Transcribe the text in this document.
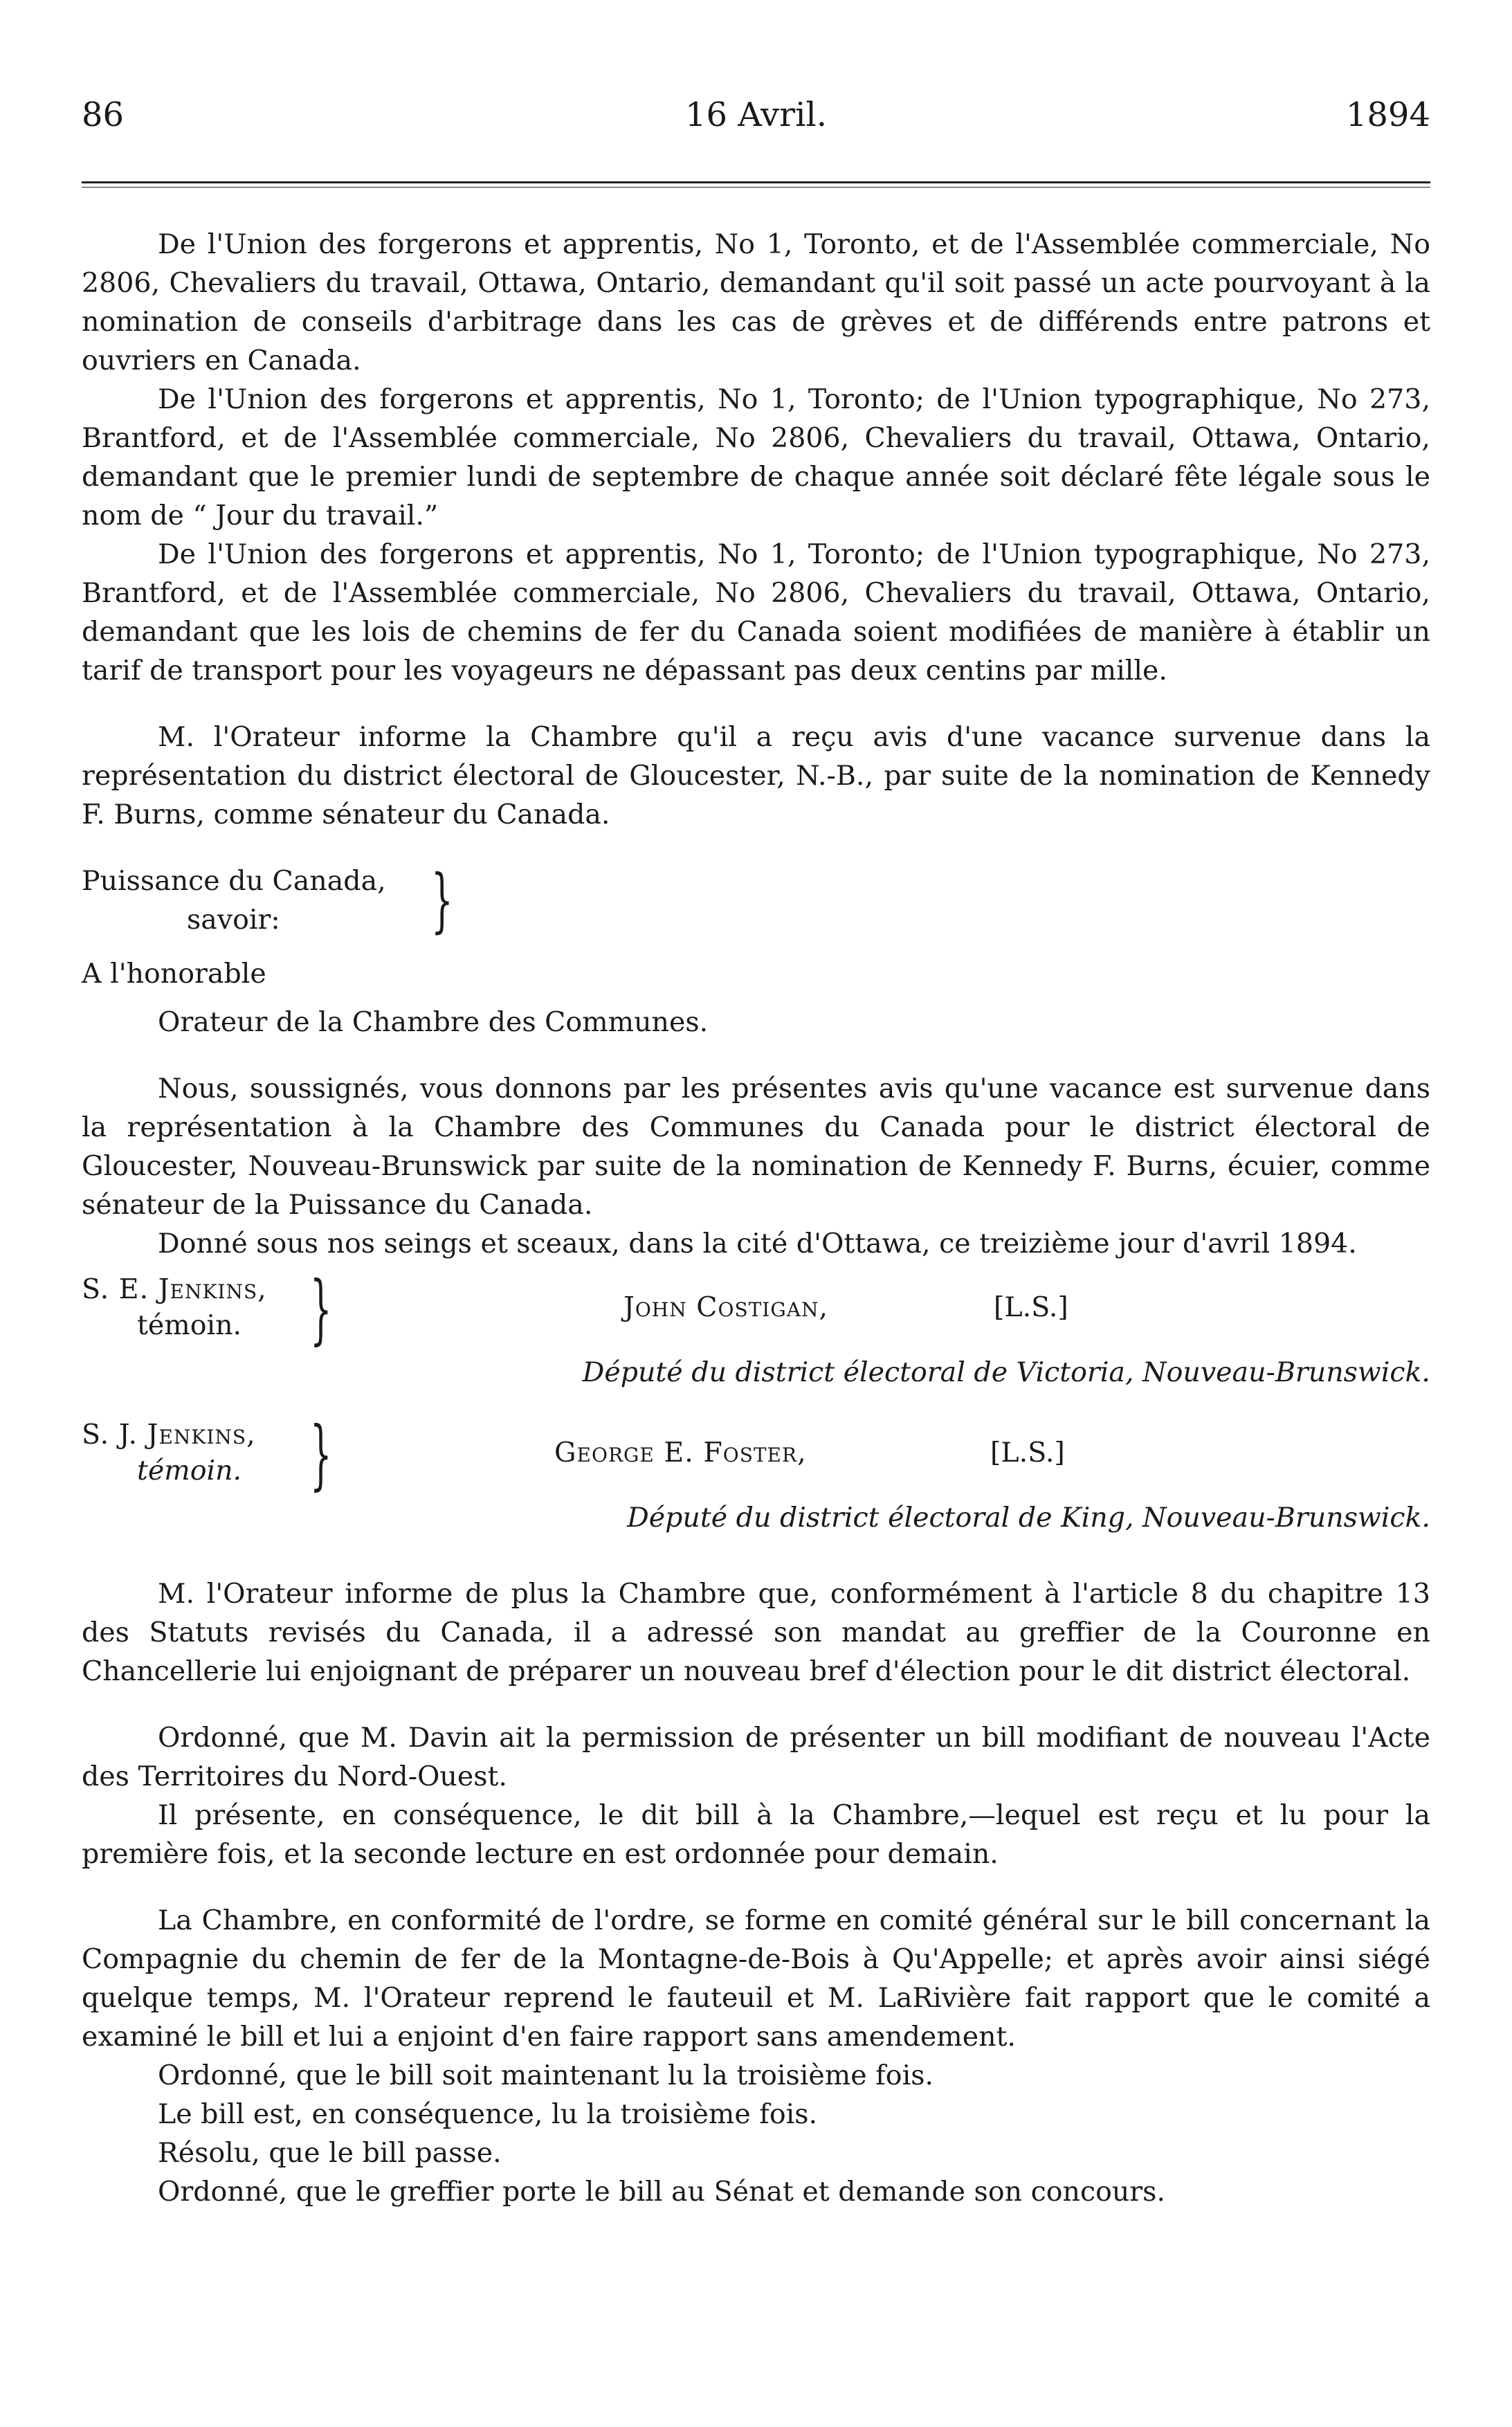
86	16 Avril.	1894

De l'Union des forgerons et apprentis, No 1, Toronto, et de l'Assemblée commerciale, No 2806, Chevaliers du travail, Ottawa, Ontario, demandant qu'il soit passé un acte pourvoyant à la nomination de conseils d'arbitrage dans les cas de grèves et de différends entre patrons et ouvriers en Canada.

De l'Union des forgerons et apprentis, No 1, Toronto; de l'Union typographique, No 273, Brantford, et de l'Assemblée commerciale, No 2806, Chevaliers du travail, Ottawa, Ontario, demandant que le premier lundi de septembre de chaque année soit déclaré fête légale sous le nom de “ Jour du travail.”

De l'Union des forgerons et apprentis, No 1, Toronto; de l'Union typographique, No 273, Brantford, et de l'Assemblée commerciale, No 2806, Chevaliers du travail, Ottawa, Ontario, demandant que les lois de chemins de fer du Canada soient modifiées de manière à établir un tarif de transport pour les voyageurs ne dépassant pas deux centins par mille.

M. l'Orateur informe la Chambre qu'il a reçu avis d'une vacance survenue dans la représentation du district électoral de Gloucester, N.-B., par suite de la nomination de Kennedy F. Burns, comme sénateur du Canada.

Puissance du Canada,
savoir: }
A l'honorable
Orateur de la Chambre des Communes.

Nous, soussignés, vous donnons par les présentes avis qu'une vacance est survenue dans la représentation à la Chambre des Communes du Canada pour le district électoral de Gloucester, Nouveau-Brunswick par suite de la nomination de Kennedy F. Burns, écuier, comme sénateur de la Puissance du Canada.

Donné sous nos seings et sceaux, dans la cité d'Ottawa, ce treizième jour d'avril 1894.

S. E. Jenkins,
témoin. }	John Costigan,	[L.S.]
Député du district électoral de Victoria, Nouveau-Brunswick.
S. J. Jenkins,
témoin. }	George E. Foster,	[L.S.]
Député du district électoral de King, Nouveau-Brunswick.

M. l'Orateur informe de plus la Chambre que, conformément à l'article 8 du chapitre 13 des Statuts revisés du Canada, il a adressé son mandat au greffier de la Couronne en Chancellerie lui enjoignant de préparer un nouveau bref d'élection pour le dit district électoral.

Ordonné, que M. Davin ait la permission de présenter un bill modifiant de nouveau l'Acte des Territoires du Nord-Ouest.

Il présente, en conséquence, le dit bill à la Chambre,—lequel est reçu et lu pour la première fois, et la seconde lecture en est ordonnée pour demain.

La Chambre, en conformité de l'ordre, se forme en comité général sur le bill concernant la Compagnie du chemin de fer de la Montagne-de-Bois à Qu'Appelle; et après avoir ainsi siégé quelque temps, M. l'Orateur reprend le fauteuil et M. LaRivière fait rapport que le comité a examiné le bill et lui a enjoint d'en faire rapport sans amendement.

Ordonné, que le bill soit maintenant lu la troisième fois.

Le bill est, en conséquence, lu la troisième fois.

Résolu, que le bill passe.

Ordonné, que le greffier porte le bill au Sénat et demande son concours.
